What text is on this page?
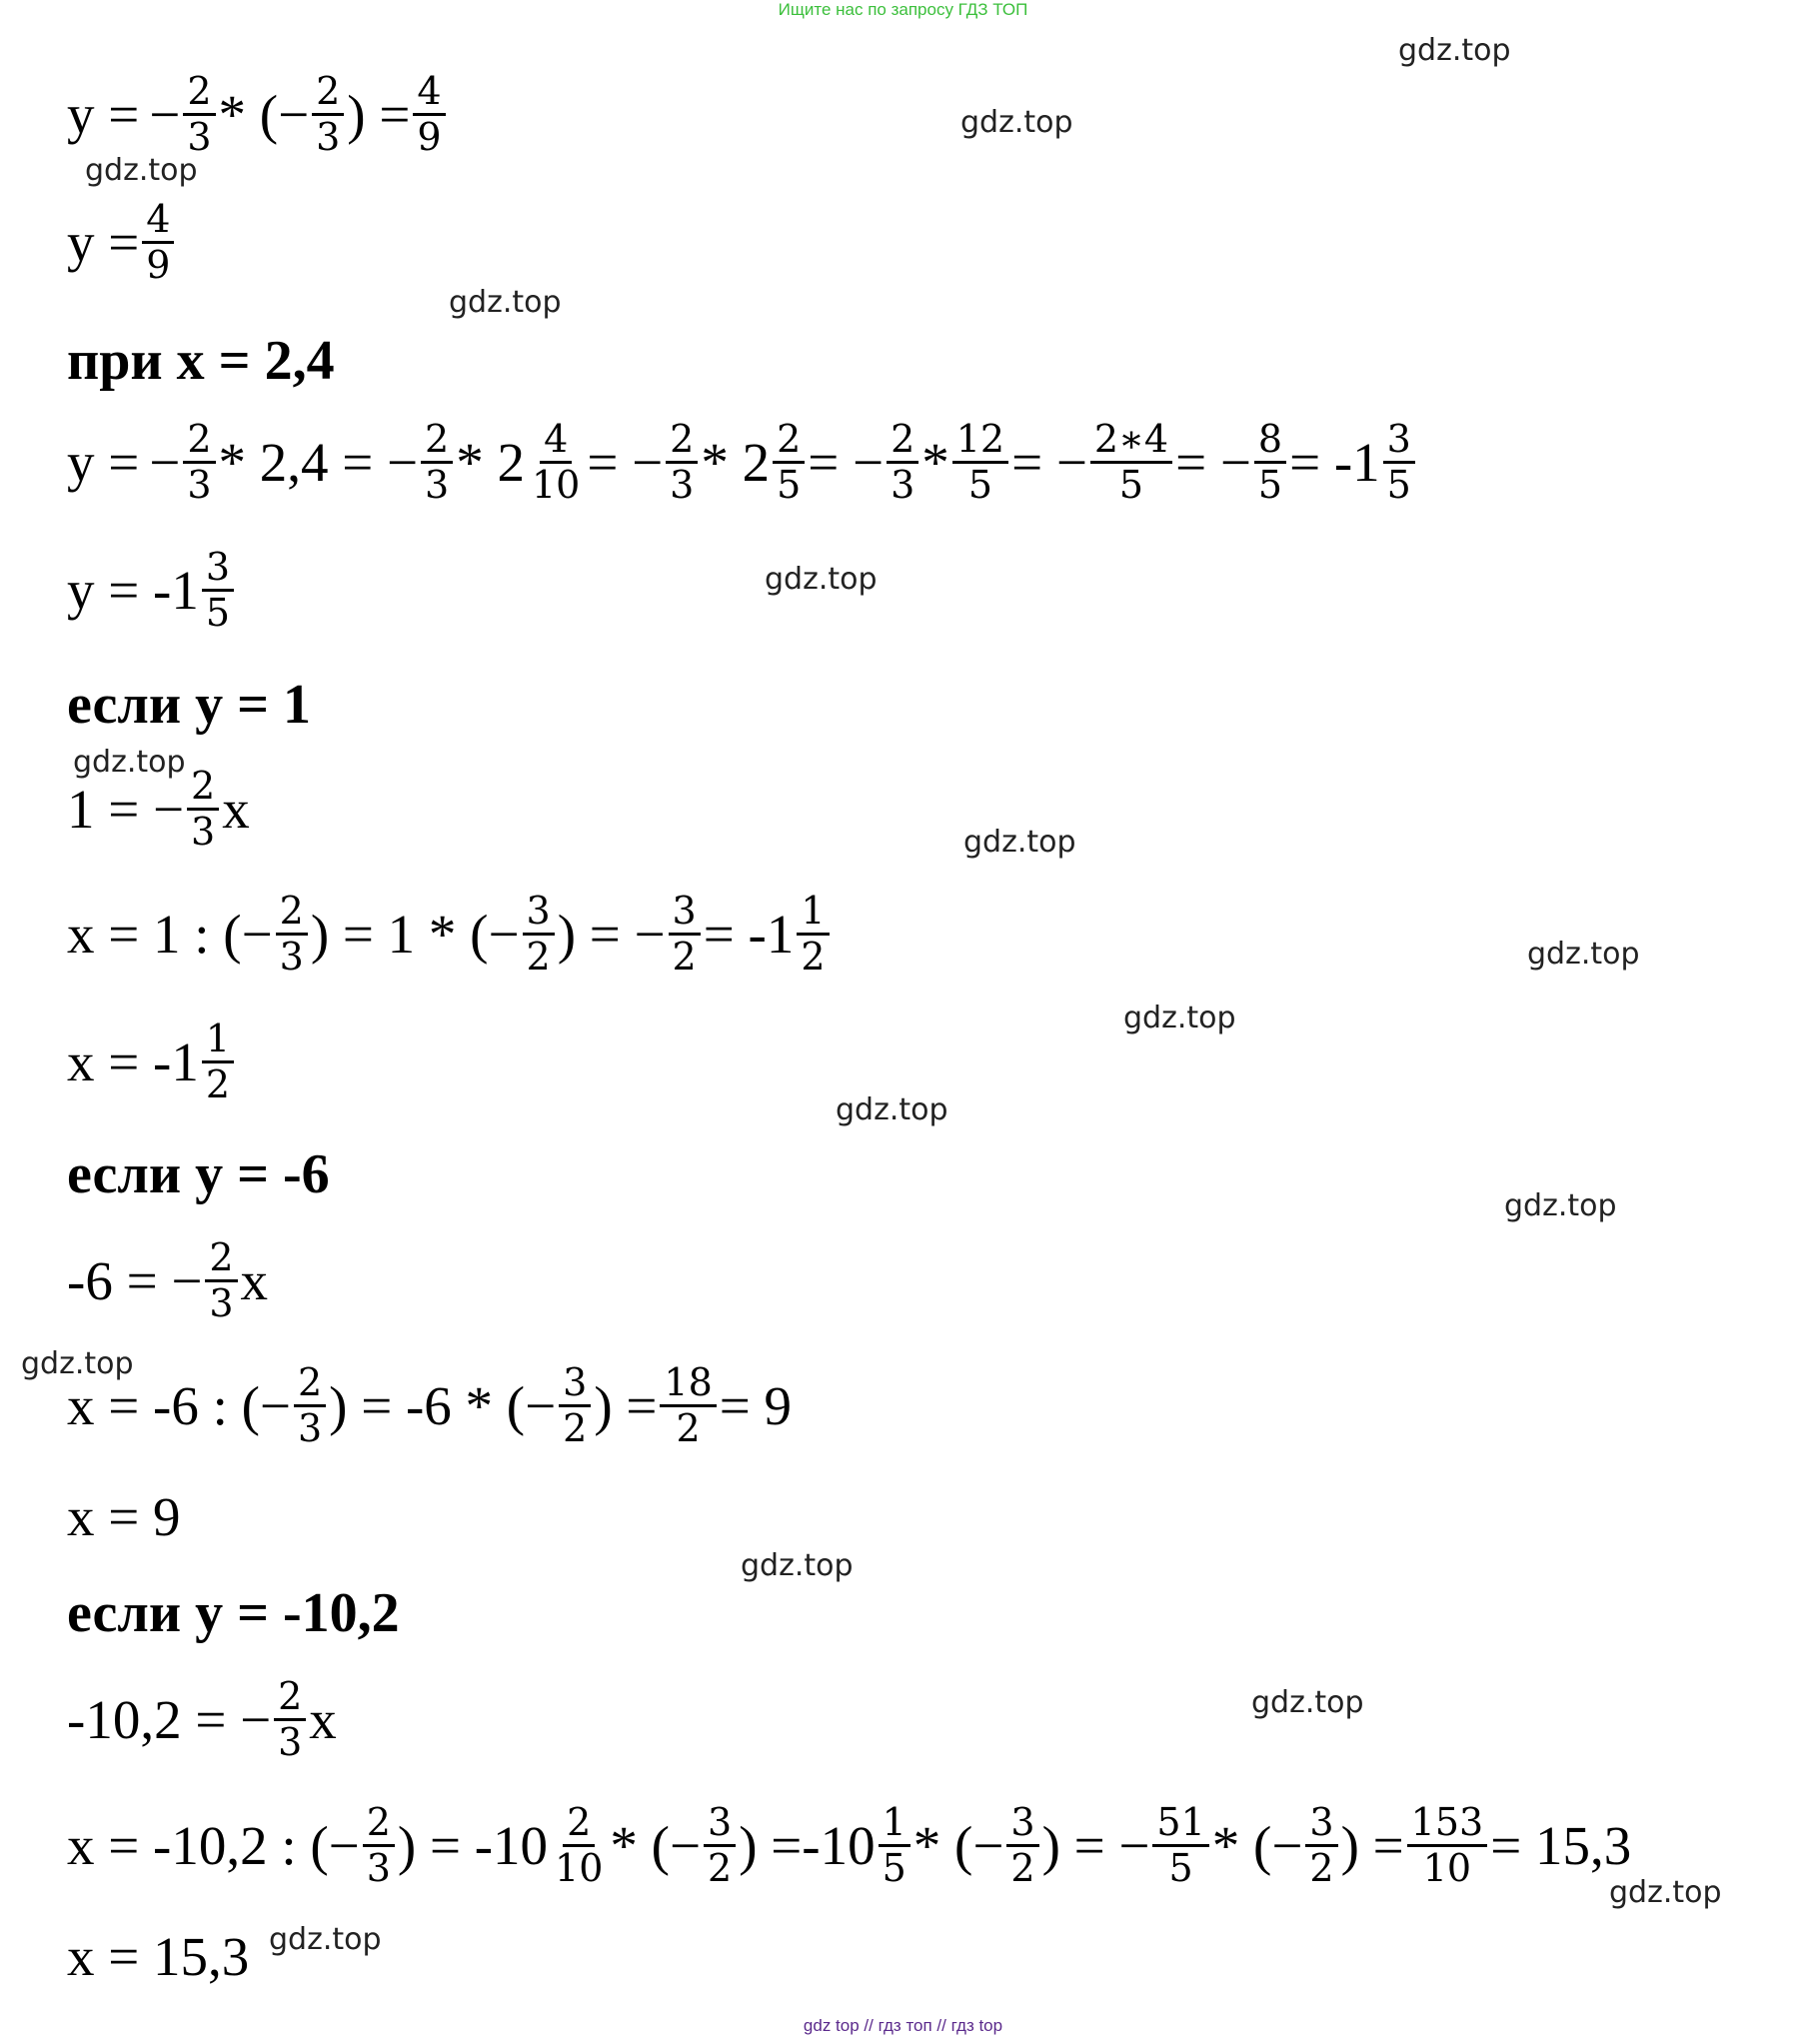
Ищите нас по запросу ГДЗ ТОП
gdz.top
gdz.top
gdz.top
gdz.top
gdz.top
gdz.top
gdz.top
gdz.top
gdz.top
gdz.top
gdz.top
gdz.top
gdz.top
gdz.top
gdz.top
gdz.top
y = − $\frac{2}{3}$ * (− $\frac{2}{3}$ ) = $\frac{4}{9}$
$y = \frac{4}{9}$
при x = 2,4
y = − $\frac{2}{3} * 2,4$ = − $\frac{2}{3} * 2 \frac{4}{10}$ = − $\frac{2}{3} * 2 \frac{2}{5}$ = − $\frac{2}{3} * \frac{12}{5}$ = − $\frac{2∗4}{5}$ = − $\frac{8}{5} = -1 \frac{3}{5}$
$y = -1 \frac{3}{5}$
если y = 1
1 = − $\frac{2}{3}$ x
x = 1 : (− $\frac{2}{3}$ ) = 1 * (− $\frac{3}{2}$ ) = − $\frac{3}{2} = -1 \frac{1}{2}$
$x = -1 \frac{1}{2}$
если y = -6
-6 = − $\frac{2}{3}$ x
x = -6 : (− $\frac{2}{3}$ ) = -6 * (− $\frac{3}{2}$ ) = $\frac{18}{2} = 9$
x = 9
если y = -10,2
-10,2 = − $\frac{2}{3}$ x
x = -10,2 : (− $\frac{2}{3}$ ) = $-10 \frac{2}{10}$ * (− $\frac{3}{2}$ ) $=-10 \frac{1}{5}$ * (− $\frac{3}{2}$ ) = − $\frac{51}{5}$ * (− $\frac{3}{2}$ ) = $\frac{153}{10} = 15,3$
x = 15,3
gdz top // гдз топ // гдз top
